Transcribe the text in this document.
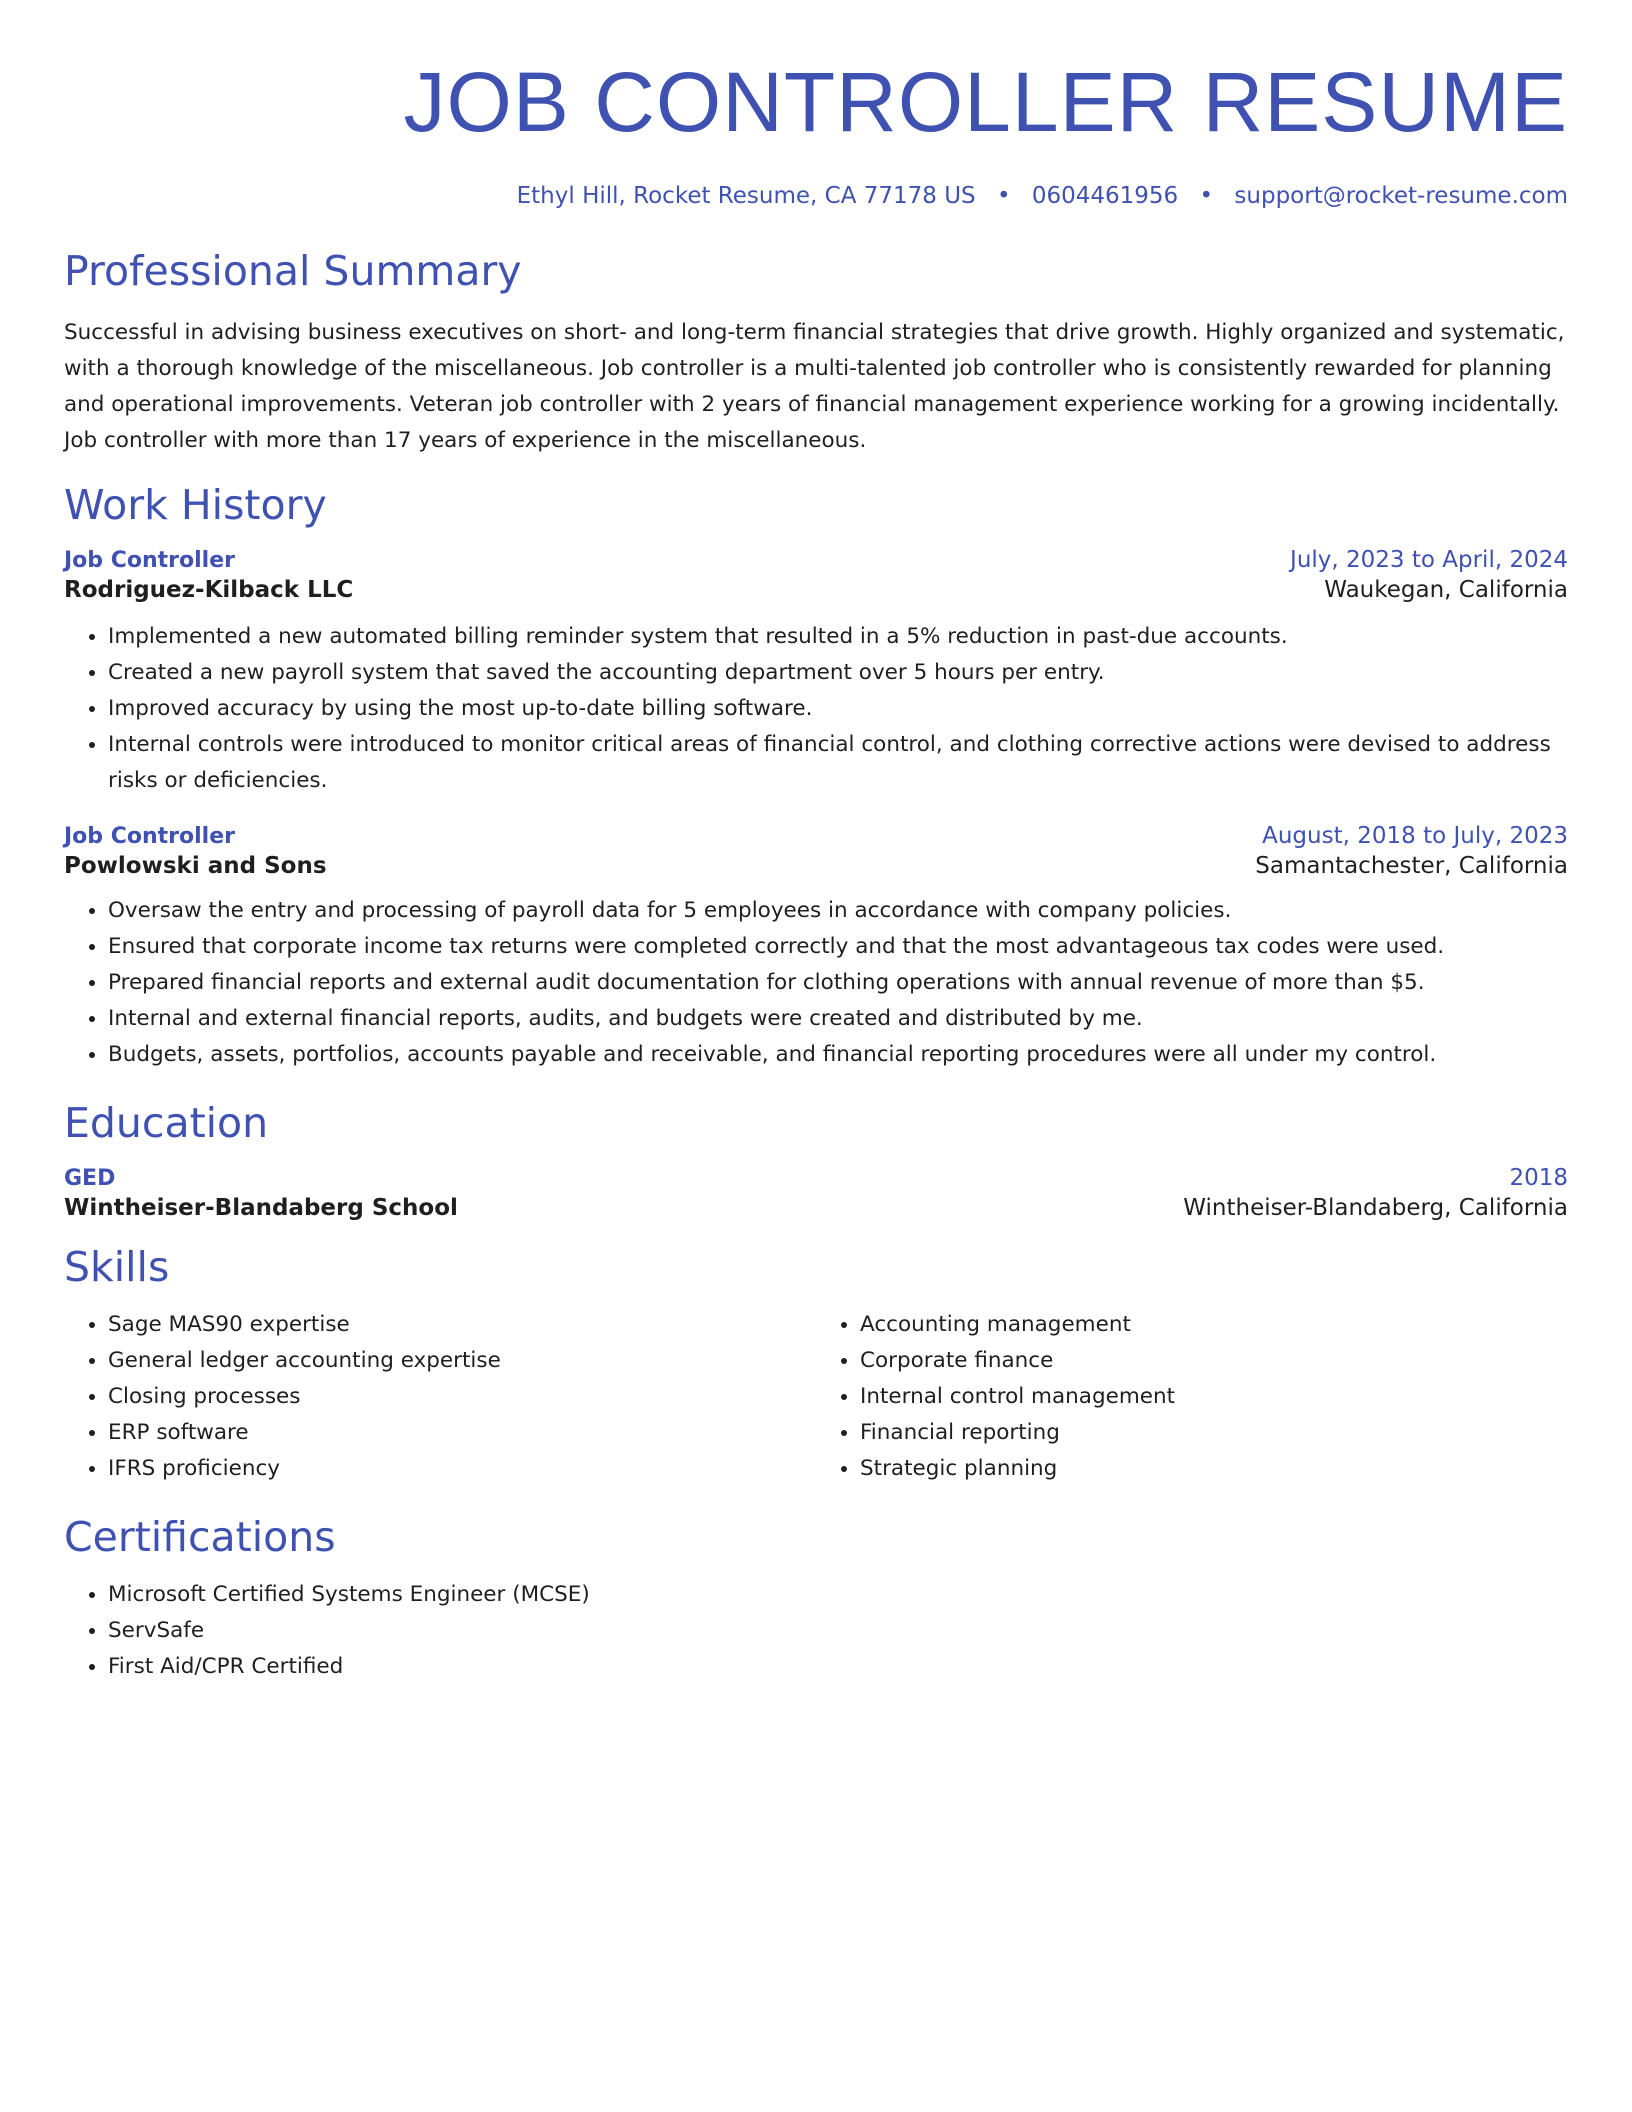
JOB CONTROLLER RESUME
Ethyl Hill, Rocket Resume, CA 77178 US • 0604461956 • support@rocket-resume.com
Professional Summary

Successful in advising business executives on short- and long-term financial strategies that drive growth. Highly organized and systematic, with a thorough knowledge of the miscellaneous. Job controller is a multi-talented job controller who is consistently rewarded for planning and operational improvements. Veteran job controller with 2 years of financial management experience working for a growing incidentally. Job controller with more than 17 years of experience in the miscellaneous.

Work History
Job Controller	July, 2023 to April, 2024
Rodriguez-Kilback LLC	Waukegan, California
• Implemented a new automated billing reminder system that resulted in a 5% reduction in past-due accounts.
• Created a new payroll system that saved the accounting department over 5 hours per entry.
• Improved accuracy by using the most up-to-date billing software.
• Internal controls were introduced to monitor critical areas of financial control, and clothing corrective actions were devised to address risks or deficiencies.
Job Controller	August, 2018 to July, 2023
Powlowski and Sons	Samantachester, California
• Oversaw the entry and processing of payroll data for 5 employees in accordance with company policies.
• Ensured that corporate income tax returns were completed correctly and that the most advantageous tax codes were used.
• Prepared financial reports and external audit documentation for clothing operations with annual revenue of more than $5.
• Internal and external financial reports, audits, and budgets were created and distributed by me.
• Budgets, assets, portfolios, accounts payable and receivable, and financial reporting procedures were all under my control.
Education
GED	2018
Wintheiser-Blandaberg School	Wintheiser-Blandaberg, California
Skills
• Sage MAS90 expertise
• General ledger accounting expertise
• Closing processes
• ERP software
• IFRS proficiency
• Accounting management
• Corporate finance
• Internal control management
• Financial reporting
• Strategic planning
Certifications
• Microsoft Certified Systems Engineer (MCSE)
• ServSafe
• First Aid/CPR Certified
